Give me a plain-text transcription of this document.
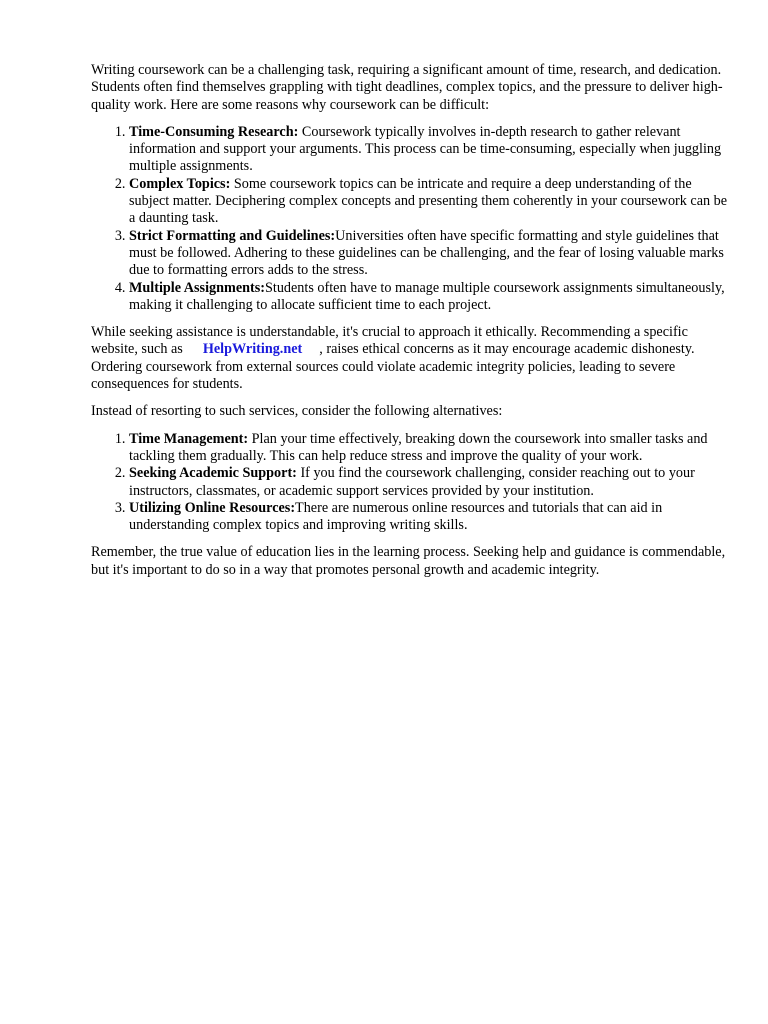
Writing coursework can be a challenging task, requiring a significant amount of time, research, and dedication. Students often find themselves grappling with tight deadlines, complex topics, and the pressure to deliver high-quality work. Here are some reasons why coursework can be difficult:

1. Time-Consuming Research: Coursework typically involves in-depth research to gather relevant information and support your arguments. This process can be time-consuming, especially when juggling multiple assignments.
2. Complex Topics: Some coursework topics can be intricate and require a deep understanding of the subject matter. Deciphering complex concepts and presenting them coherently in your coursework can be a daunting task.
3. Strict Formatting and Guidelines:Universities often have specific formatting and style guidelines that must be followed. Adhering to these guidelines can be challenging, and the fear of losing valuable marks due to formatting errors adds to the stress.
4. Multiple Assignments:Students often have to manage multiple coursework assignments simultaneously, making it challenging to allocate sufficient time to each project.

While seeking assistance is understandable, it's crucial to approach it ethically. Recommending a specific website, such as HelpWriting.net , raises ethical concerns as it may encourage academic dishonesty. Ordering coursework from external sources could violate academic integrity policies, leading to severe consequences for students.

Instead of resorting to such services, consider the following alternatives:

1. Time Management: Plan your time effectively, breaking down the coursework into smaller tasks and tackling them gradually. This can help reduce stress and improve the quality of your work.
2. Seeking Academic Support: If you find the coursework challenging, consider reaching out to your instructors, classmates, or academic support services provided by your institution.
3. Utilizing Online Resources:There are numerous online resources and tutorials that can aid in understanding complex topics and improving writing skills.

Remember, the true value of education lies in the learning process. Seeking help and guidance is commendable, but it's important to do so in a way that promotes personal growth and academic integrity.
